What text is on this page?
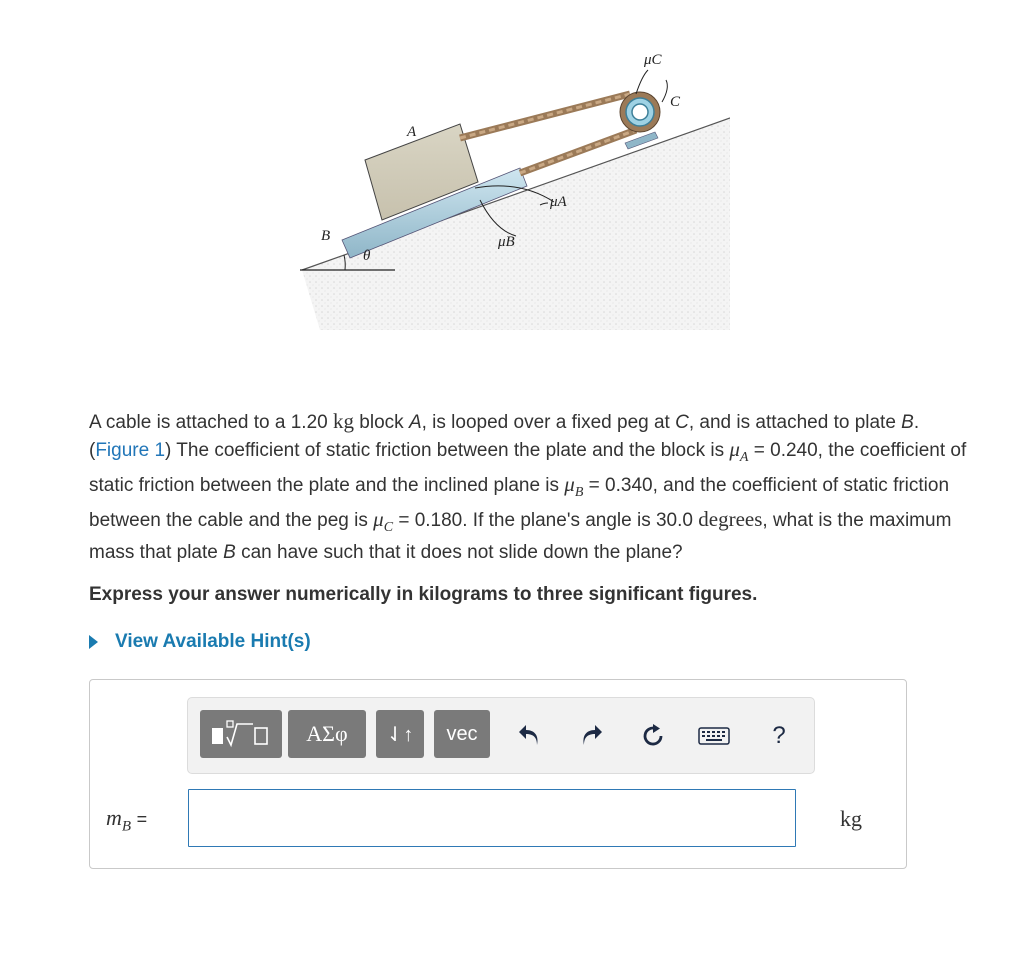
A
B
C
θ
μA
μB
μC

A cable is attached to a 1.20 kg block A, is looped over a fixed peg at C, and is attached to plate B.(Figure 1) The coefficient of static friction between the plate and the block is $\mu_A = 0.240$, the coefficient of static friction between the plate and the inclined plane is $\mu_B = 0.340$, and the coefficient of static friction between the cable and the peg is $\mu_C = 0.180$. If the plane's angle is 30.0 degrees, what is the maximum mass that plate B can have such that it does not slide down the plane?

Express your answer numerically in kilograms to three significant figures.

View Available Hint(s)
ΑΣφ	⇃↑	vec	?
$m_B$ =	kg
